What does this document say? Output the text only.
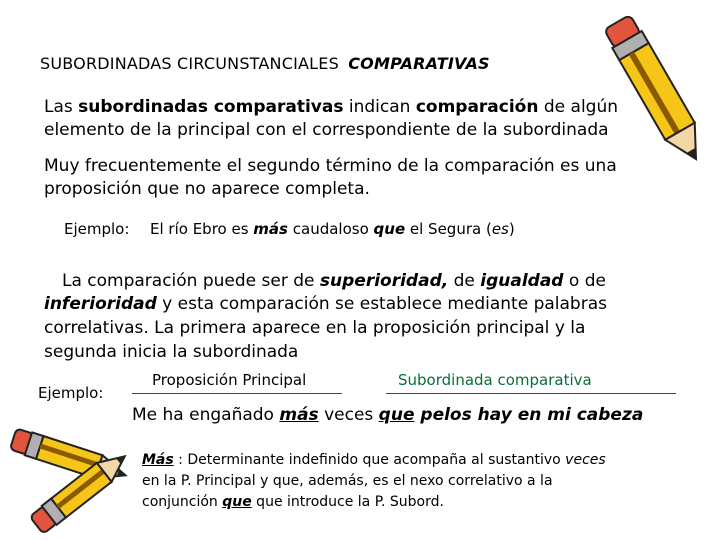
SUBORDINADAS CIRCUNSTANCIALES COMPARATIVAS
Las subordinadas comparativas indican comparación de algún
elemento de la principal con el correspondiente de la subordinada
Muy frecuentemente el segundo término de la comparación es una
proposición que no aparece completa.
Ejemplo: El río Ebro es más caudaloso que el Segura (es)
La comparación puede ser de superioridad, de igualdad o de
inferioridad y esta comparación se establece mediante palabras
correlativas. La primera aparece en la proposición principal y la
segunda inicia la subordinada
Ejemplo:
Proposición Principal	Subordinada comparativa
Me ha engañado más veces que pelos hay en mi cabeza
Más : Determinante indefinido que acompaña al sustantivo veces
en la P. Principal y que, además, es el nexo correlativo a la
conjunción que que introduce la P. Subord.
